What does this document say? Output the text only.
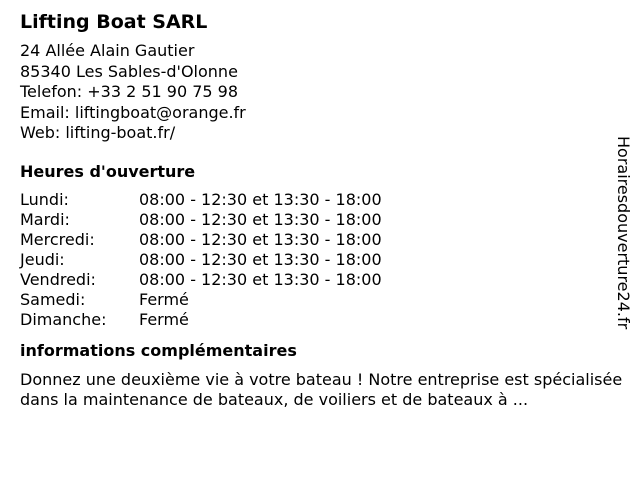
Lifting Boat SARL
24 Allée Alain Gautier
85340 Les Sables-d'Olonne
Telefon: +33 2 51 90 75 98
Email: liftingboat@orange.fr
Web: lifting-boat.fr/
Heures d'ouverture
Lundi:	08:00 - 12:30 et 13:30 - 18:00
Mardi:	08:00 - 12:30 et 13:30 - 18:00
Mercredi:	08:00 - 12:30 et 13:30 - 18:00
Jeudi:	08:00 - 12:30 et 13:30 - 18:00
Vendredi:	08:00 - 12:30 et 13:30 - 18:00
Samedi:	Fermé
Dimanche:	Fermé
informations complémentaires
Donnez une deuxième vie à votre bateau ! Notre entreprise est spécialisée dans la maintenance de bateaux, de voiliers et de bateaux à ...
Horairesdouverture24.fr
